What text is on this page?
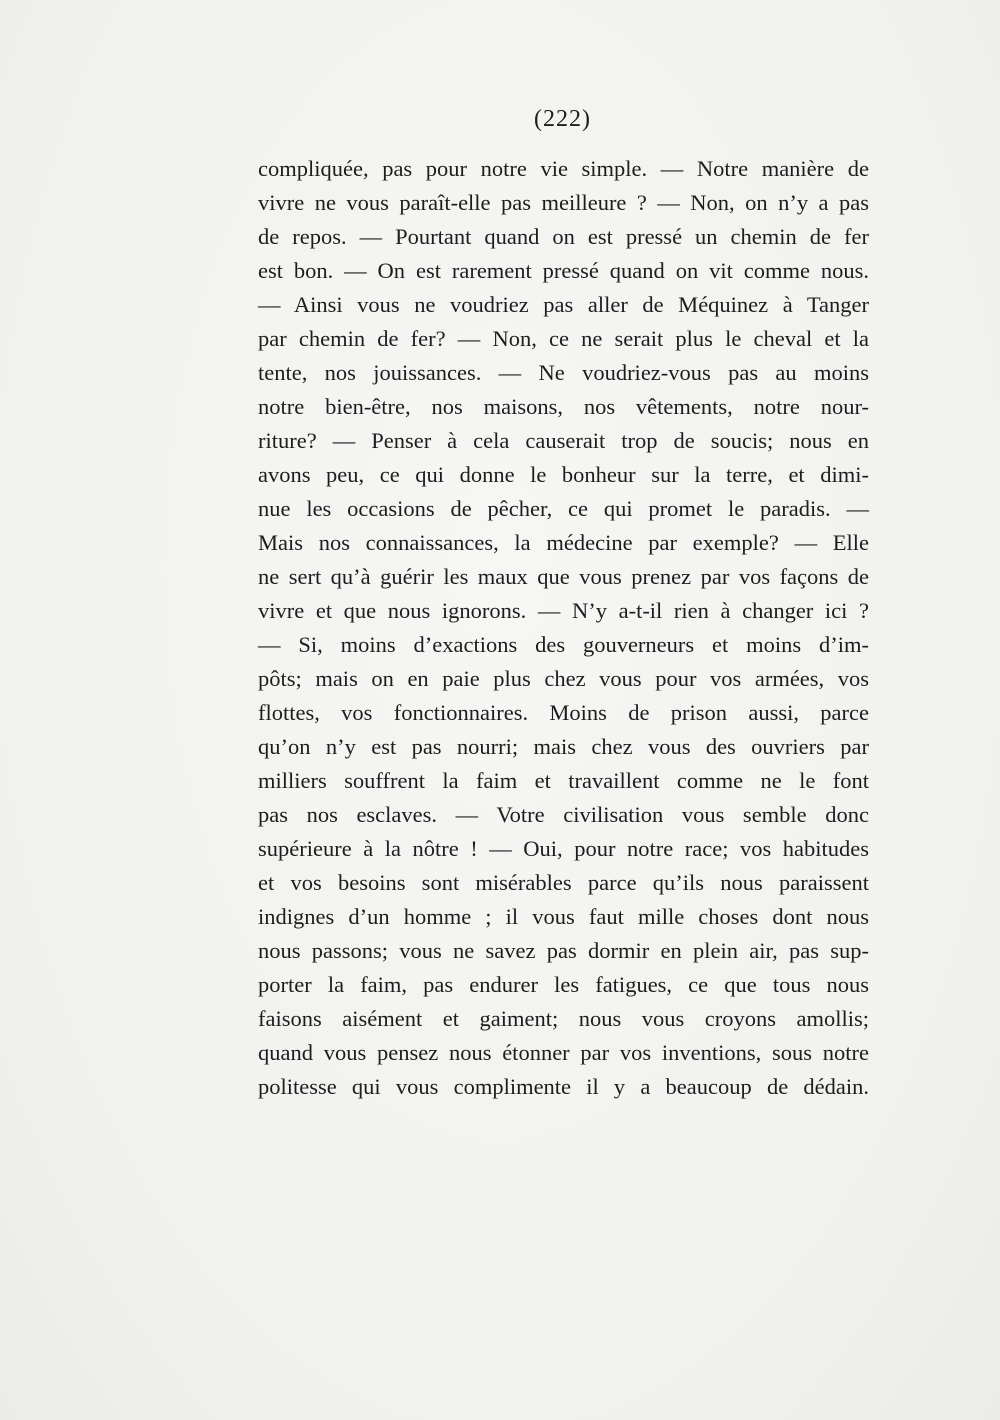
(222)
compliquée, pas pour notre vie simple. — Notre manière de
vivre ne vous paraît-elle pas meilleure ? — Non, on n’y a pas
de repos. — Pourtant quand on est pressé un chemin de fer
est bon. — On est rarement pressé quand on vit comme nous.
— Ainsi vous ne voudriez pas aller de Méquinez à Tanger
par chemin de fer? — Non, ce ne serait plus le cheval et la
tente, nos jouissances. — Ne voudriez-vous pas au moins
notre bien-être, nos maisons, nos vêtements, notre nour-
riture? — Penser à cela causerait trop de soucis; nous en
avons peu, ce qui donne le bonheur sur la terre, et dimi-
nue les occasions de pêcher, ce qui promet le paradis. —
Mais nos connaissances, la médecine par exemple? — Elle
ne sert qu’à guérir les maux que vous prenez par vos façons de
vivre et que nous ignorons. — N’y a-t-il rien à changer ici ?
— Si, moins d’exactions des gouverneurs et moins d’im-
pôts; mais on en paie plus chez vous pour vos armées, vos
flottes, vos fonctionnaires. Moins de prison aussi, parce
qu’on n’y est pas nourri; mais chez vous des ouvriers par
milliers souffrent la faim et travaillent comme ne le font
pas nos esclaves. — Votre civilisation vous semble donc
supérieure à la nôtre ! — Oui, pour notre race; vos habitudes
et vos besoins sont misérables parce qu’ils nous paraissent
indignes d’un homme ; il vous faut mille choses dont nous
nous passons; vous ne savez pas dormir en plein air, pas sup-
porter la faim, pas endurer les fatigues, ce que tous nous
faisons aisément et gaiment; nous vous croyons amollis;
quand vous pensez nous étonner par vos inventions, sous notre
politesse qui vous complimente il y a beaucoup de dédain.
